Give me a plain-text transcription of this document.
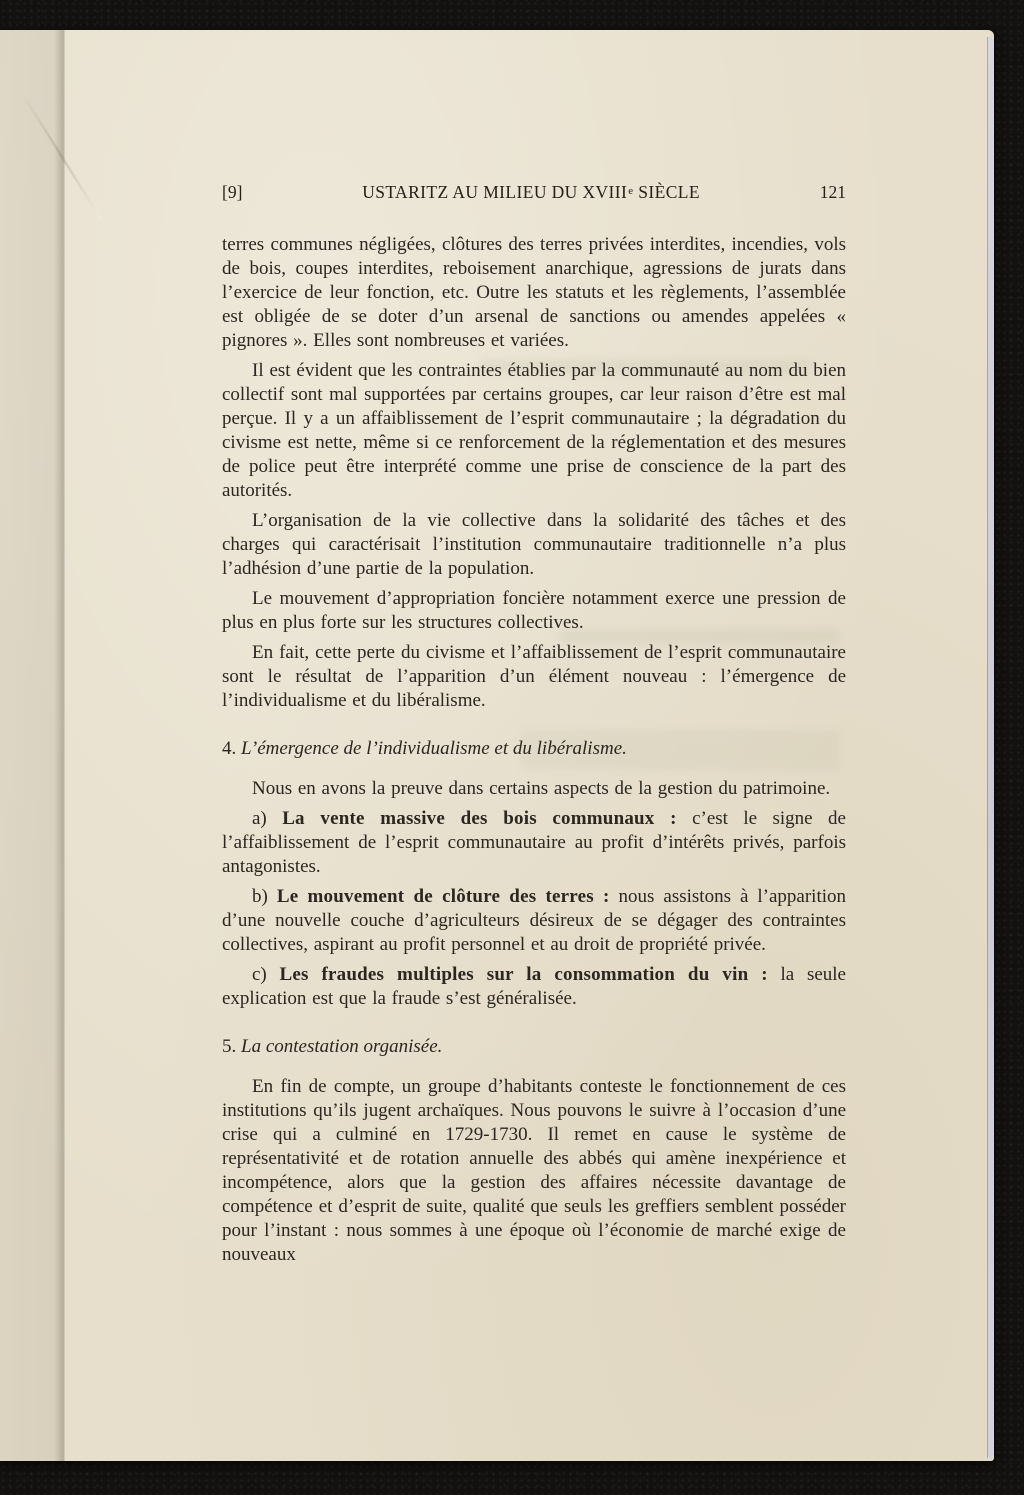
[9]	USTARITZ AU MILIEU DU XVIIIe SIÈCLE	121

terres communes négligées, clôtures des terres privées interdites, incendies, vols de bois, coupes interdites, reboisement anarchique, agressions de jurats dans l’exercice de leur fonction, etc. Outre les statuts et les règlements, l’assemblée est obligée de se doter d’un arsenal de sanctions ou amendes appelées « pignores ». Elles sont nombreuses et variées.

Il est évident que les contraintes établies par la communauté au nom du bien collectif sont mal supportées par certains groupes, car leur raison d’être est mal perçue. Il y a un affaiblissement de l’esprit communautaire ; la dégradation du civisme est nette, même si ce renforcement de la réglementation et des mesures de police peut être interprété comme une prise de conscience de la part des autorités.

L’organisation de la vie collective dans la solidarité des tâches et des charges qui caractérisait l’institution communautaire traditionnelle n’a plus l’adhésion d’une partie de la population.

Le mouvement d’appropriation foncière notamment exerce une pression de plus en plus forte sur les structures collectives.

En fait, cette perte du civisme et l’affaiblissement de l’esprit communautaire sont le résultat de l’apparition d’un élément nouveau : l’émergence de l’individualisme et du libéralisme.

4. L’émergence de l’individualisme et du libéralisme.

Nous en avons la preuve dans certains aspects de la gestion du patrimoine.

a) La vente massive des bois communaux : c’est le signe de l’affaiblissement de l’esprit communautaire au profit d’intérêts privés, parfois antagonistes.

b) Le mouvement de clôture des terres : nous assistons à l’apparition d’une nouvelle couche d’agriculteurs désireux de se dégager des contraintes collectives, aspirant au profit personnel et au droit de propriété privée.

c) Les fraudes multiples sur la consommation du vin : la seule explication est que la fraude s’est généralisée.

5. La contestation organisée.

En fin de compte, un groupe d’habitants conteste le fonctionnement de ces institutions qu’ils jugent archaïques. Nous pouvons le suivre à l’occasion d’une crise qui a culminé en 1729-1730. Il remet en cause le système de représentativité et de rotation annuelle des abbés qui amène inexpérience et incompétence, alors que la gestion des affaires nécessite davantage de compétence et d’esprit de suite, qualité que seuls les greffiers semblent posséder pour l’instant : nous sommes à une époque où l’économie de marché exige de nouveaux
